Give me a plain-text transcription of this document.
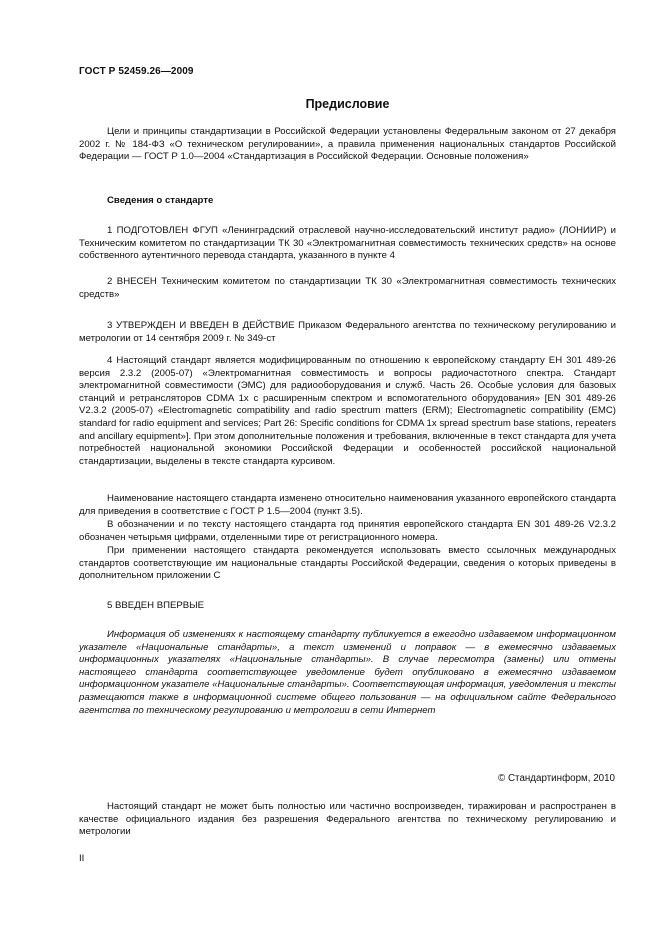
ГОСТ Р 52459.26—2009
Предисловие
Цели и принципы стандартизации в Российской Федерации установлены Федеральным законом от 27 декабря 2002 г. № 184-ФЗ «О техническом регулировании», а правила применения национальных стандартов Российской Федерации — ГОСТ Р 1.0—2004 «Стандартизация в Российской Федерации. Основные положения»
Сведения о стандарте
1 ПОДГОТОВЛЕН ФГУП «Ленинградский отраслевой научно-исследовательский институт радио» (ЛОНИИР) и Техническим комитетом по стандартизации ТК 30 «Электромагнитная совместимость технических средств» на основе собственного аутентичного перевода стандарта, указанного в пункте 4
2 ВНЕСЕН Техническим комитетом по стандартизации ТК 30 «Электромагнитная совместимость технических средств»
3 УТВЕРЖДЕН И ВВЕДЕН В ДЕЙСТВИЕ Приказом Федерального агентства по техническому регулированию и метрологии от 14 сентября 2009 г. № 349-ст
4 Настоящий стандарт является модифицированным по отношению к европейскому стандарту ЕН 301 489-26 версия 2.3.2 (2005-07) «Электромагнитная совместимость и вопросы радиочастотного спектра. Стандарт электромагнитной совместимости (ЭМС) для радиооборудования и служб. Часть 26. Особые условия для базовых станций и ретрансляторов CDMA 1x с расширенным спектром и вспомогательного оборудования» [EN 301 489-26 V2.3.2 (2005-07) «Electromagnetic compatibility and radio spectrum matters (ERM); Electromagnetic compatibility (EMC) standard for radio equipment and services; Part 26: Specific conditions for CDMA 1x spread spectrum base stations, repeaters and ancillary equipment»]. При этом дополнительные положения и требования, включенные в текст стандарта для учета потребностей национальной экономики Российской Федерации и особенностей российской национальной стандартизации, выделены в тексте стандарта курсивом.
Наименование настоящего стандарта изменено относительно наименования указанного европейского стандарта для приведения в соответствие с ГОСТ Р 1.5—2004 (пункт 3.5).
В обозначении и по тексту настоящего стандарта год принятия европейского стандарта EN 301 489-26 V2.3.2 обозначен четырьмя цифрами, отделенными тире от регистрационного номера.
При применении настоящего стандарта рекомендуется использовать вместо ссылочных международных стандартов соответствующие им национальные стандарты Российской Федерации, сведения о которых приведены в дополнительном приложении С
5 ВВЕДЕН ВПЕРВЫЕ
Информация об изменениях к настоящему стандарту публикуется в ежегодно издаваемом информационном указателе «Национальные стандарты», а текст изменений и поправок — в ежемесячно издаваемых информационных указателях «Национальные стандарты». В случае пересмотра (замены) или отмены настоящего стандарта соответствующее уведомление будет опубликовано в ежемесячно издаваемом информационном указателе «Национальные стандарты». Соответствующая информация, уведомления и тексты размещаются также в информационной системе общего пользования — на официальном сайте Федерального агентства по техническому регулированию и метрологии в сети Интернет
© Стандартинформ, 2010
Настоящий стандарт не может быть полностью или частично воспроизведен, тиражирован и распространен в качестве официального издания без разрешения Федерального агентства по техническому регулированию и метрологии
II
